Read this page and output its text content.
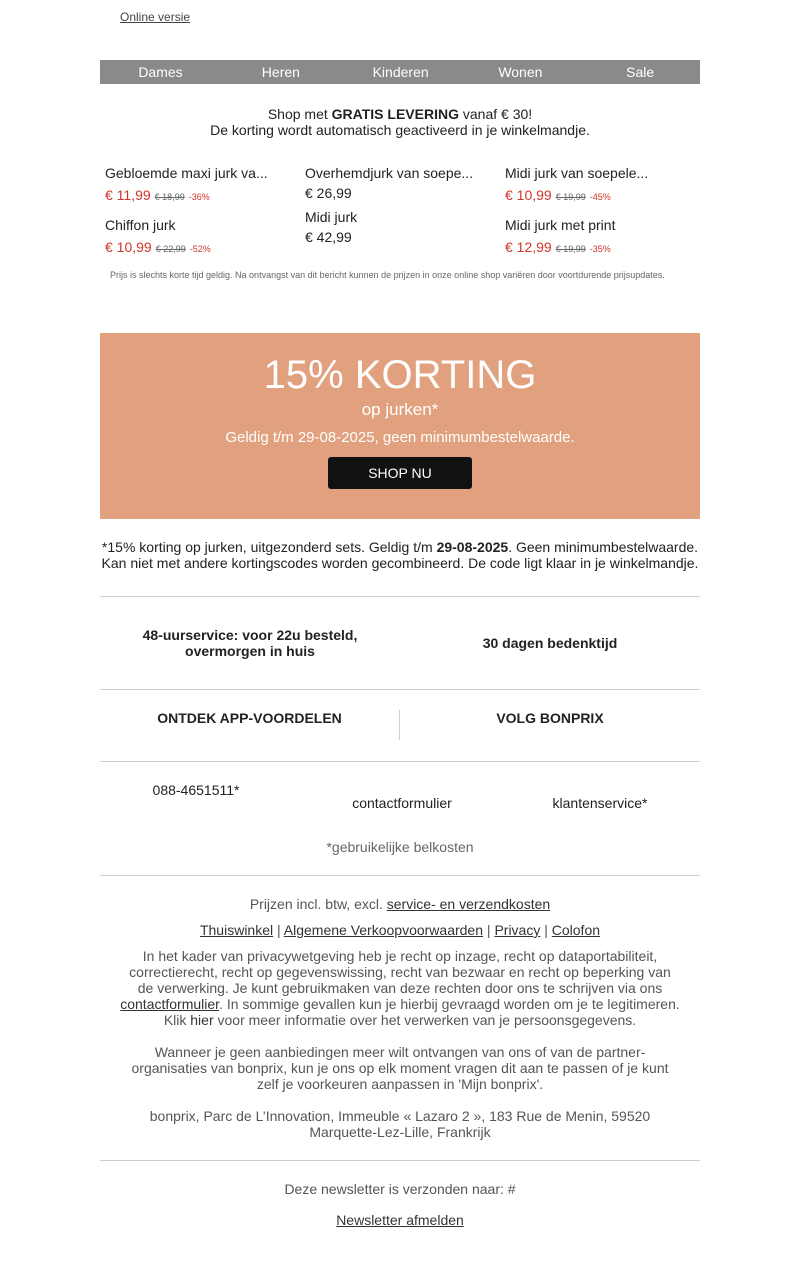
Online versie
Dames	Heren	Kinderen	Wonen	Sale
Shop met GRATIS LEVERING vanaf € 30!
De korting wordt automatisch geactiveerd in je winkelmandje.
Gebloemde maxi jurk va...
€ 11,99 € 18,99 -36%
Overhemdjurk van soepe...
€ 26,99
Midi jurk van soepele...
€ 10,99 € 19,99 -45%
Chiffon jurk
€ 10,99 € 22,99 -52%
Midi jurk
€ 42,99
Midi jurk met print
€ 12,99 € 19,99 -35%
Prijs is slechts korte tijd geldig. Na ontvangst van dit bericht kunnen de prijzen in onze online shop variëren door voortdurende prijsupdates.
15% KORTING
op jurken*
Geldig t/m 29-08-2025, geen minimumbestelwaarde.
SHOP NU
*15% korting op jurken, uitgezonderd sets. Geldig t/m 29-08-2025. Geen minimumbestelwaarde. Kan niet met andere kortingscodes worden gecombineerd. De code ligt klaar in je winkelmandje.
48-uurservice: voor 22u besteld, overmorgen in huis	30 dagen bedenktijd
ONTDEK APP-VOORDELEN	VOLG BONPRIX
088-4651511*
contactformulier	klantenservice*
*gebruikelijke belkosten
Prijzen incl. btw, excl. service- en verzendkosten
Thuiswinkel | Algemene Verkoopvoorwaarden | Privacy | Colofon
In het kader van privacywetgeving heb je recht op inzage, recht op dataportabiliteit, correctierecht, recht op gegevenswissing, recht van bezwaar en recht op beperking van de verwerking. Je kunt gebruikmaken van deze rechten door ons te schrijven via ons contactformulier. In sommige gevallen kun je hierbij gevraagd worden om je te legitimeren. Klik hier voor meer informatie over het verwerken van je persoonsgegevens.
Wanneer je geen aanbiedingen meer wilt ontvangen van ons of van de partner-organisaties van bonprix, kun je ons op elk moment vragen dit aan te passen of je kunt zelf je voorkeuren aanpassen in 'Mijn bonprix'.
bonprix, Parc de L’Innovation, Immeuble « Lazaro 2 », 183 Rue de Menin, 59520 Marquette-Lez-Lille, Frankrijk
Deze newsletter is verzonden naar: #
Newsletter afmelden
